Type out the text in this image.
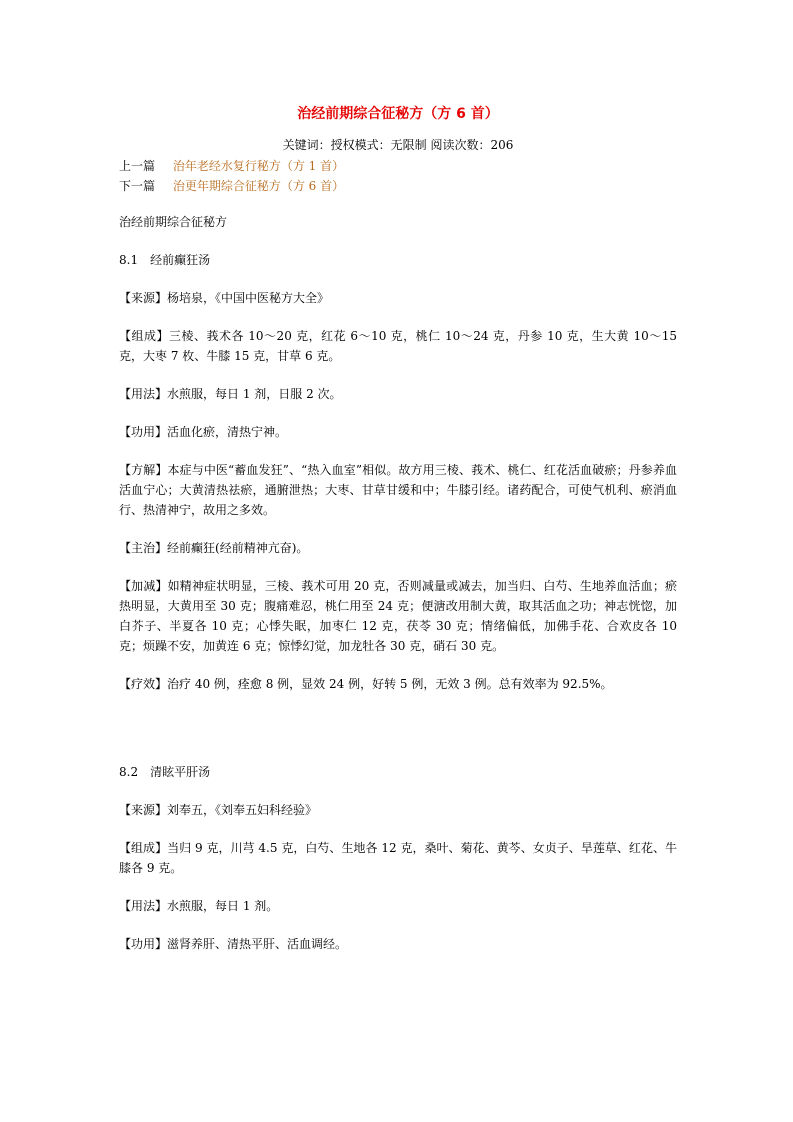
治经前期综合征秘方（方 6 首）
关键词：授权模式：无限制 阅读次数：206
上一篇 治年老经水复行秘方（方 1 首）
下一篇 治更年期综合征秘方（方 6 首）
治经前期综合征秘方
8.1　经前癫狂汤
【来源】杨培泉，《中国中医秘方大全》
【组成】三棱、莪术各 10～20 克，红花 6～10 克，桃仁 10～24 克，丹参 10 克，生大黄 10～15 克，大枣 7 枚、牛膝 15 克，甘草 6 克。
【用法】水煎服，每日 1 剂，日服 2 次。
【功用】活血化瘀，清热宁神。
【方解】本症与中医“蓄血发狂”、“热入血室”相似。故方用三棱、莪术、桃仁、红花活血破瘀；丹参养血活血宁心；大黄清热祛瘀，通腑泄热；大枣、甘草甘缓和中；牛膝引经。诸药配合，可使气机利、瘀消血行、热清神宁，故用之多效。
【主治】经前癫狂(经前精神亢奋)。
【加减】如精神症状明显，三棱、莪术可用 20 克，否则减量或减去，加当归、白芍、生地养血活血；瘀热明显，大黄用至 30 克；腹痛难忍，桃仁用至 24 克；便溏改用制大黄，取其活血之功；神志恍惚，加白芥子、半夏各 10 克；心悸失眠，加枣仁 12 克，茯苓 30 克；情绪偏低，加佛手花、合欢皮各 10 克；烦躁不安，加黄连 6 克；惊悸幻觉，加龙牡各 30 克，硝石 30 克。
【疗效】治疗 40 例，痊愈 8 例，显效 24 例，好转 5 例，无效 3 例。总有效率为 92.5%。
8.2　清眩平肝汤
【来源】刘奉五，《刘奉五妇科经验》
【组成】当归 9 克，川芎 4.5 克，白芍、生地各 12 克，桑叶、菊花、黄芩、女贞子、旱莲草、红花、牛膝各 9 克。
【用法】水煎服，每日 1 剂。
【功用】滋肾养肝、清热平肝、活血调经。
